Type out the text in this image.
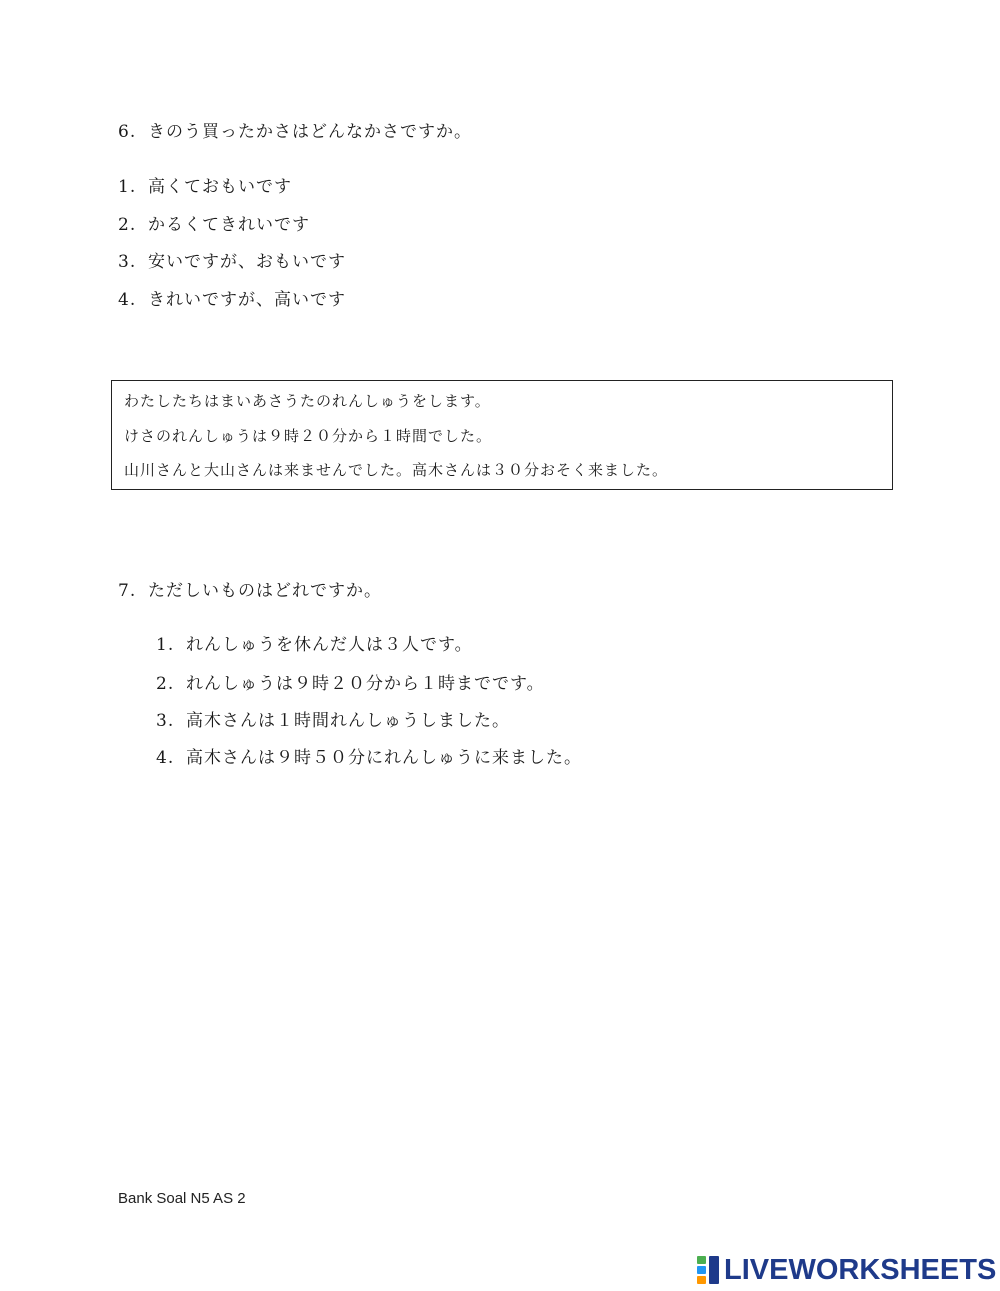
6. きのう買ったかさはどんなかさですか。
1. 高くておもいです
2. かるくてきれいです
3. 安いですが、おもいです
4. きれいですが、高いです
わたしたちはまいあさうたのれんしゅうをします。
けさのれんしゅうは９時２０分から１時間でした。
山川さんと大山さんは来ませんでした。高木さんは３０分おそく来ました。
7. ただしいものはどれですか。
1. れんしゅうを休んだ人は３人です。
2. れんしゅうは９時２０分から１時までです。
3. 高木さんは１時間れんしゅうしました。
4. 高木さんは９時５０分にれんしゅうに来ました。
Bank Soal N5 AS 2
LIVEWORKSHEETS
